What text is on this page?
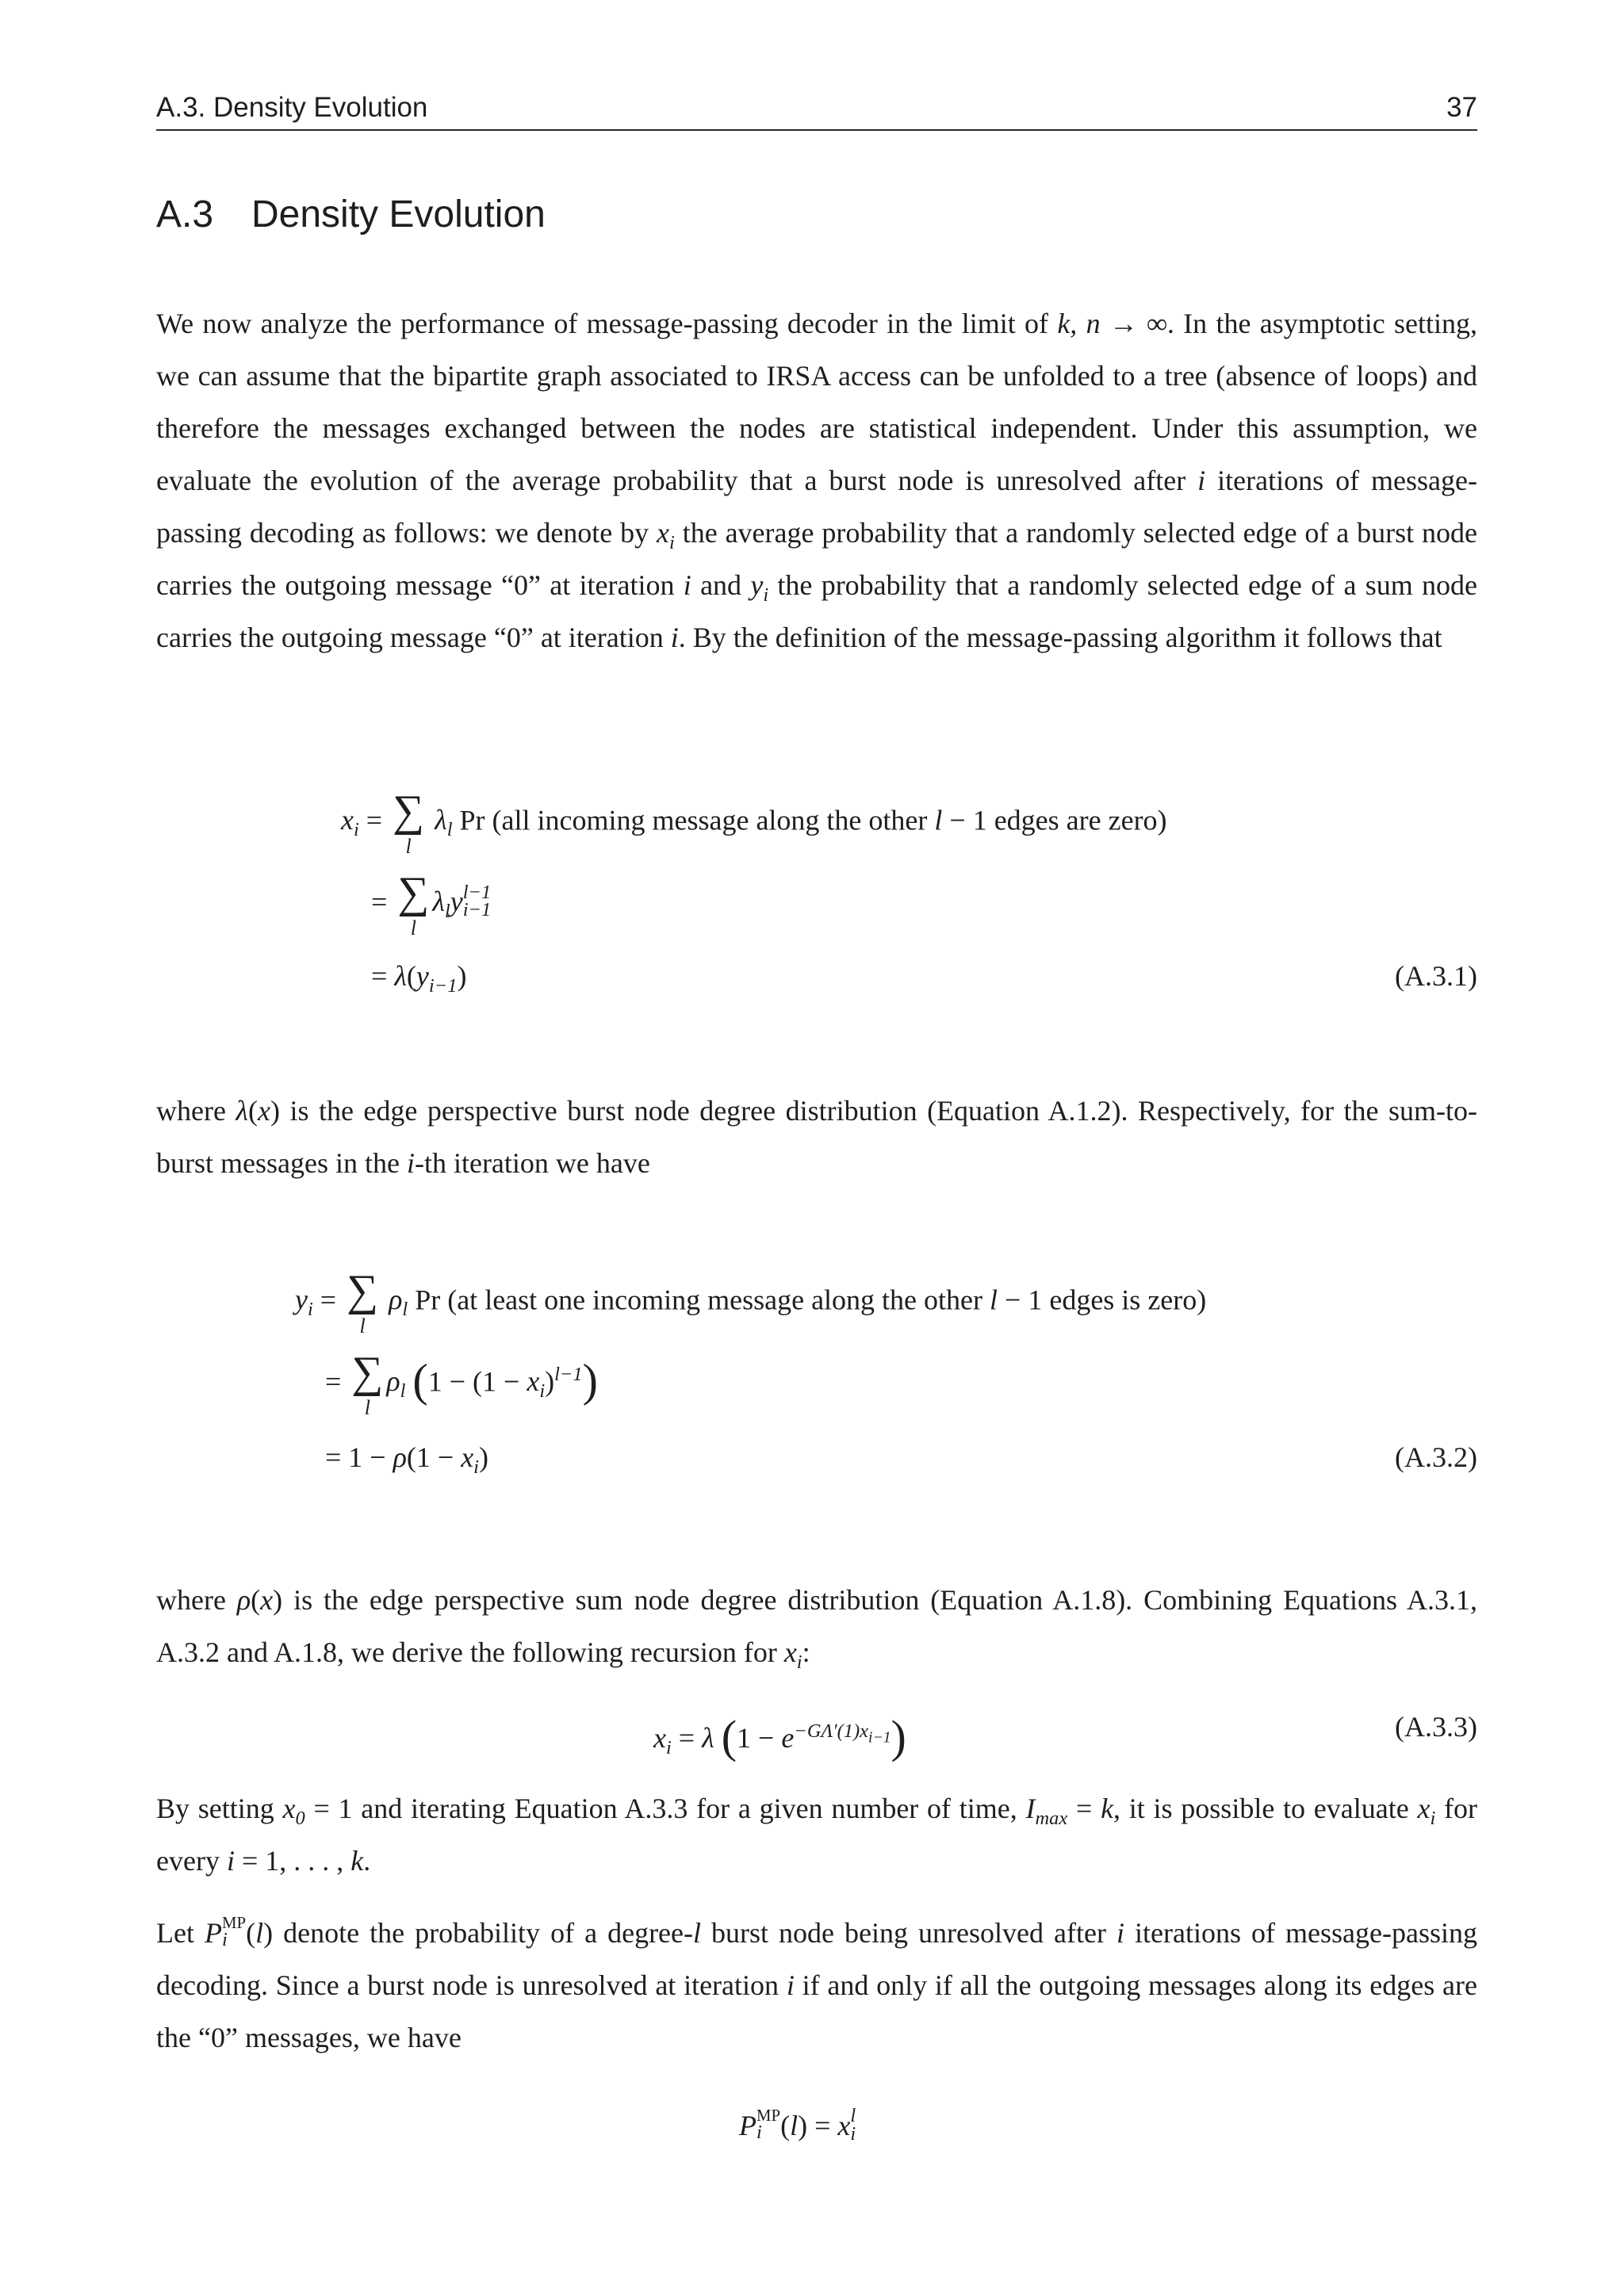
A.3. Density Evolution	37
A.3 Density Evolution

We now analyze the performance of message-passing decoder in the limit of k, n → ∞. In the asymptotic setting, we can assume that the bipartite graph associated to IRSA access can be unfolded to a tree (absence of loops) and therefore the messages exchanged between the nodes are statistical independent. Under this assumption, we evaluate the evolution of the average probability that a burst node is unresolved after i iterations of message-passing decoding as follows: we denote by $x_i$ the average probability that a randomly selected edge of a burst node carries the outgoing message “0” at iteration i and $y_i$ the probability that a randomly selected edge of a sum node carries the outgoing message “0” at iteration i. By the definition of the message-passing algorithm it follows that

$x_i$ = ∑
l
$\lambda_l$ Pr (all incoming message along the other l − 1 edges are zero)
= ∑
l
$\lambda_ly$ l−1
i−1
= $\lambda(y_{i-1})$	(A.3.1)

where λ(x) is the edge perspective burst node degree distribution (Equation A.1.2). Respectively, for the sum-to-burst messages in the i-th iteration we have

$y_i$ = ∑
l
$\rho_l$ Pr (at least one incoming message along the other l − 1 edges is zero)
= ∑
l
$\rho_l$ $(1 - (1 - x_i)^{l-1})$
= $1 - \rho(1 - x_i)$	(A.3.2)

where ρ(x) is the edge perspective sum node degree distribution (Equation A.1.8). Combining Equations A.3.1, A.3.2 and A.1.8, we derive the following recursion for $x_i$:

$x_i = \lambda$ $(1 - e^{-G\Lambda'(1)x_{i-1}})$	(A.3.3)

By setting $x_0 = 1$ and iterating Equation A.3.3 for a given number of time, $I_{max} = k$, it is possible to evaluate $x_i$ for every i = 1, . . . , k.

Let P MP
i (l) denote the probability of a degree-l burst node being unresolved after i iterations of message-passing decoding. Since a burst node is unresolved at iteration i if and only if all the outgoing messages along its edges are the “0” messages, we have

P MP
i (l) = x l
i
